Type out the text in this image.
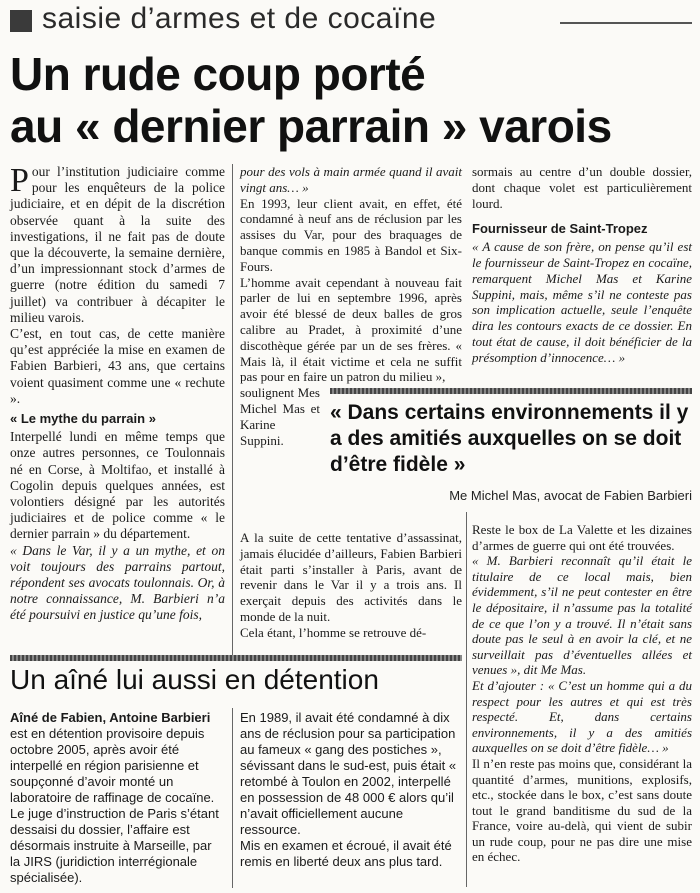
saisie d’armes et de cocaïne
Un rude coup porté
au « dernier parrain » varois

Pour l’institution judiciaire comme pour les enquêteurs de la police judiciaire, et en dépit de la discrétion observée quant à la suite des investigations, il ne fait pas de doute que la découverte, la semaine dernière, d’un impressionnant stock d’armes de guerre (notre édition du samedi 7 juillet) va contribuer à décapiter le milieu varois.

C’est, en tout cas, de cette manière qu’est appréciée la mise en examen de Fabien Barbieri, 43 ans, que certains voient quasiment comme une « rechute ».

« Le mythe du parrain »

Interpellé lundi en même temps que onze autres personnes, ce Toulonnais né en Corse, à Moltifao, et installé à Cogolin depuis quelques années, est volontiers désigné par les autorités judiciaires et de police comme « le dernier parrain » du département.

« Dans le Var, il y a un mythe, et on voit toujours des parrains partout, répondent ses avocats toulonnais. Or, à notre connaissance, M. Barbieri n’a été poursuivi en justice qu’une fois,

pour des vols à main armée quand il avait vingt ans… »

En 1993, leur client avait, en effet, été condamné à neuf ans de réclusion par les assises du Var, pour des braquages de banque commis en 1985 à Bandol et Six-Fours.

L’homme avait cependant à nouveau fait parler de lui en septembre 1996, après avoir été blessé de deux balles de gros calibre au Pradet, à proximité d’une discothèque gérée par un de ses frères. « Mais là, il était victime et cela ne suffit pas pour en faire un patron du milieu »,

soulignent Mes Michel Mas et Karine Suppini.

A la suite de cette tentative d’assassinat, jamais élucidée d’ailleurs, Fabien Barbieri était parti s’installer à Paris, avant de revenir dans le Var il y a trois ans. Il exerçait depuis des activités dans le monde de la nuit.

Cela étant, l’homme se retrouve dé-

sormais au centre d’un double dossier, dont chaque volet est particulièrement lourd.

Fournisseur de Saint-Tropez

« A cause de son frère, on pense qu’il est le fournisseur de Saint-Tropez en cocaïne, remarquent Michel Mas et Karine Suppini, mais, même s’il ne conteste pas son implication actuelle, seule l’enquête dira les contours exacts de ce dossier. En tout état de cause, il doit bénéficier de la présomption d’innocence… »

« Dans certains environnements il y a des amitiés auxquelles on se doit d’être fidèle »
Me Michel Mas, avocat de Fabien Barbieri

Reste le box de La Valette et les dizaines d’armes de guerre qui ont été trouvées.

« M. Barbieri reconnaît qu’il était le titulaire de ce local mais, bien évidemment, s’il ne peut contester en être le dépositaire, il n’assume pas la totalité de ce que l’on y a trouvé. Il n’était sans doute pas le seul à en avoir la clé, et ne surveillait pas d’éventuelles allées et venues », dit Me Mas.

Et d’ajouter : « C’est un homme qui a du respect pour les autres et qui est très respecté. Et, dans certains environnements, il y a des amitiés auxquelles on se doit d’être fidèle… »

Il n’en reste pas moins que, considérant la quantité d’armes, munitions, explosifs, etc., stockée dans le box, c’est sans doute tout le grand banditisme du sud de la France, voire au-delà, qui vient de subir un rude coup, pour ne pas dire une mise en échec.

Un aîné lui aussi en détention

Aîné de Fabien, Antoine Barbieri

est en détention provisoire depuis octobre 2005, après avoir été interpellé en région parisienne et soupçonné d’avoir monté un laboratoire de raffinage de cocaïne.

Le juge d’instruction de Paris s’étant dessaisi du dossier, l’affaire est désormais instruite à Marseille, par la JIRS (juridiction interrégionale spécialisée).

En 1989, il avait été condamné à dix ans de réclusion pour sa participation au fameux « gang des postiches », sévissant dans le sud-est, puis était « retombé à Toulon en 2002, interpellé en possession de 48 000 € alors qu’il n’avait officiellement aucune ressource.

Mis en examen et écroué, il avait été remis en liberté deux ans plus tard.
